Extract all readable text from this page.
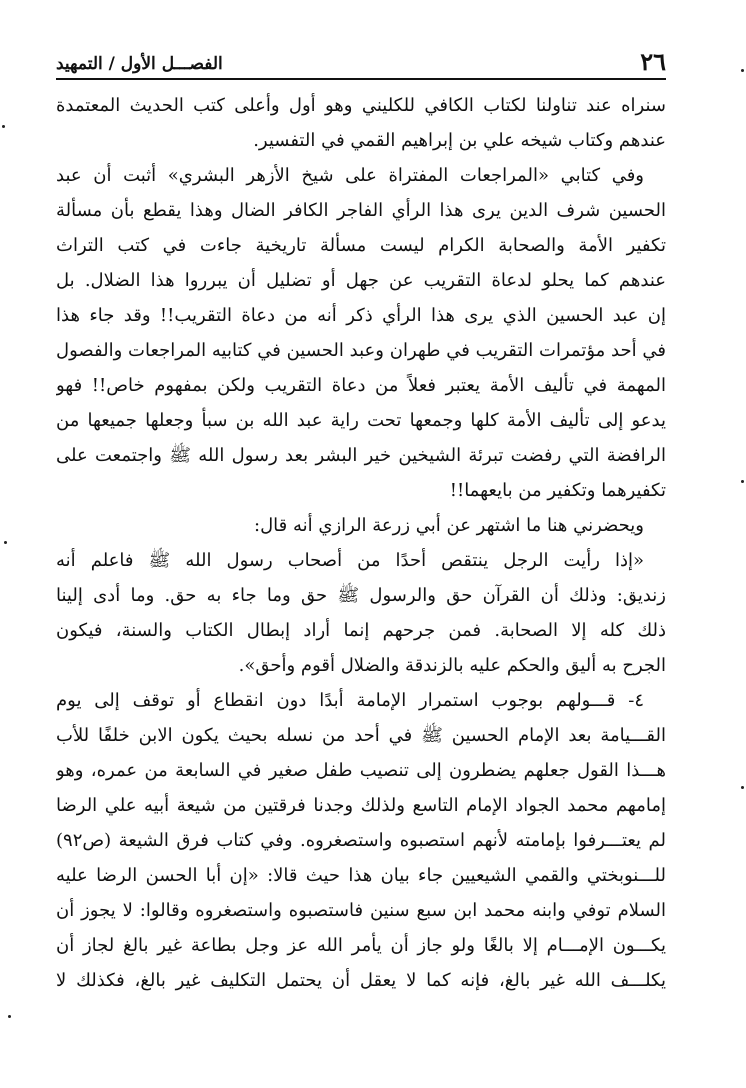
٢٦
الفصـــل الأول / التمهيد
سنراه عند تناولنا لكتاب الكافي للكليني وهو أول وأعلى كتب الحديث المعتمدة
عندهم وكتاب شيخه علي بن إبراهيم القمي في التفسير.
وفي كتابي «المراجعات المفتراة على شيخ الأزهر البشري» أثبت أن عبد
الحسين شرف الدين يرى هذا الرأي الفاجر الكافر الضال وهذا يقطع بأن مسألة
تكفير الأمة والصحابة الكرام ليست مسألة تاريخية جاءت في كتب التراث
عندهم كما يحلو لدعاة التقريب عن جهل أو تضليل أن يبرروا هذا الضلال. بل
إن عبد الحسين الذي يرى هذا الرأي ذكر أنه من دعاة التقريب!! وقد جاء هذا
في أحد مؤتمرات التقريب في طهران وعبد الحسين في كتابيه المراجعات والفصول
المهمة في تأليف الأمة يعتبر فعلاً من دعاة التقريب ولكن بمفهوم خاص!! فهو
يدعو إلى تأليف الأمة كلها وجمعها تحت راية عبد الله بن سبأ وجعلها جميعها من
الرافضة التي رفضت تبرئة الشيخين خير البشر بعد رسول الله ﷺ واجتمعت على
تكفيرهما وتكفير من بايعهما!!
ويحضرني هنا ما اشتهر عن أبي زرعة الرازي أنه قال:
«إذا رأيت الرجل ينتقص أحدًا من أصحاب رسول الله ﷺ فاعلم أنه
زنديق: وذلك أن القرآن حق والرسول ﷺ حق وما جاء به حق. وما أدى إلينا
ذلك كله إلا الصحابة. فمن جرحهم إنما أراد إبطال الكتاب والسنة، فيكون
الجرح به أليق والحكم عليه بالزندقة والضلال أقوم وأحق».
٤- قـــولهم بوجوب استمرار الإمامة أبدًا دون انقطاع أو توقف إلى يوم
القـــيامة بعد الإمام الحسين ﷺ في أحد من نسله بحيث يكون الابن خلفًا للأب
هـــذا القول جعلهم يضطرون إلى تنصيب طفل صغير في السابعة من عمره، وهو
إمامهم محمد الجواد الإمام التاسع ولذلك وجدنا فرقتين من شيعة أبيه علي الرضا
لم يعتـــرفوا بإمامته لأنهم استصبوه واستصغروه. وفي كتاب فرق الشيعة (ص٩٢)
للـــنوبختي والقمي الشيعيين جاء بيان هذا حيث قالا: «إن أبا الحسن الرضا عليه
السلام توفي وابنه محمد ابن سبع سنين فاستصبوه واستصغروه وقالوا: لا يجوز أن
يكـــون الإمـــام إلا بالغًا ولو جاز أن يأمر الله عز وجل بطاعة غير بالغ لجاز أن
يكلـــف الله غير بالغ، فإنه كما لا يعقل أن يحتمل التكليف غير بالغ، فكذلك لا
